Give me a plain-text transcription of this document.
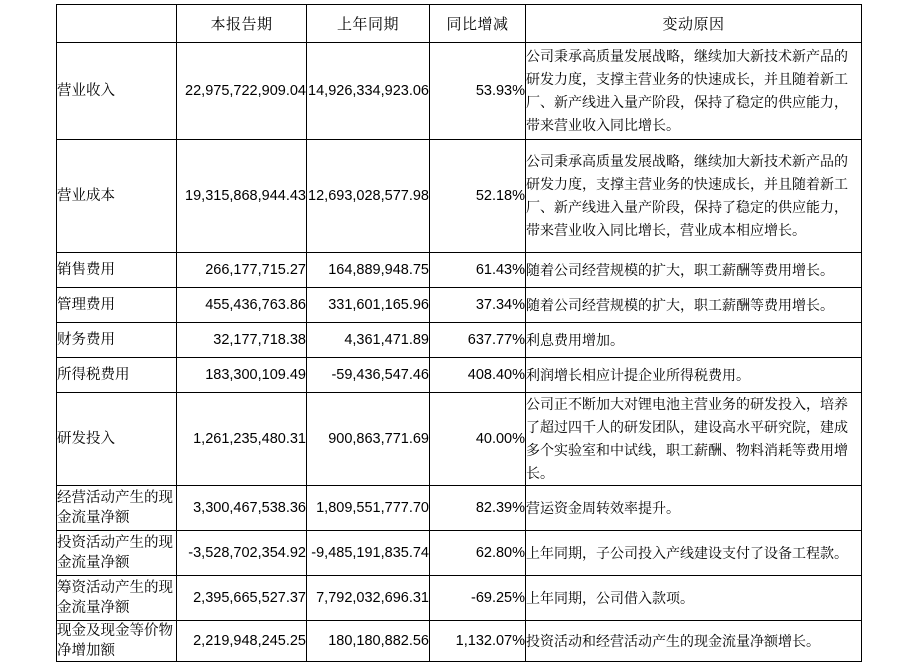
	本报告期	上年同期	同比增减	变动原因
营业收入	22,975,722,909.04	14,926,334,923.06	53.93%	公司秉承高质量发展战略，继续加大新技术新产品的研发力度，支撑主营业务的快速成长，并且随着新工厂、新产线进入量产阶段，保持了稳定的供应能力，带来营业收入同比增长。
营业成本	19,315,868,944.43	12,693,028,577.98	52.18%	公司秉承高质量发展战略，继续加大新技术新产品的研发力度，支撑主营业务的快速成长，并且随着新工厂、新产线进入量产阶段，保持了稳定的供应能力，带来营业收入同比增长，营业成本相应增长。
销售费用	266,177,715.27	164,889,948.75	61.43%	随着公司经营规模的扩大，职工薪酬等费用增长。
管理费用	455,436,763.86	331,601,165.96	37.34%	随着公司经营规模的扩大，职工薪酬等费用增长。
财务费用	32,177,718.38	4,361,471.89	637.77%	利息费用增加。
所得税费用	183,300,109.49	-59,436,547.46	408.40%	利润增长相应计提企业所得税费用。
研发投入	1,261,235,480.31	900,863,771.69	40.00%	公司正不断加大对锂电池主营业务的研发投入，培养了超过四千人的研发团队，建设高水平研究院，建成多个实验室和中试线，职工薪酬、物料消耗等费用增长。
经营活动产生的现金流量净额	3,300,467,538.36	1,809,551,777.70	82.39%	营运资金周转效率提升。
投资活动产生的现金流量净额	-3,528,702,354.92	-9,485,191,835.74	62.80%	上年同期，子公司投入产线建设支付了设备工程款。
筹资活动产生的现金流量净额	2,395,665,527.37	7,792,032,696.31	-69.25%	上年同期，公司借入款项。
现金及现金等价物净增加额	2,219,948,245.25	180,180,882.56	1,132.07%	投资活动和经营活动产生的现金流量净额增长。
